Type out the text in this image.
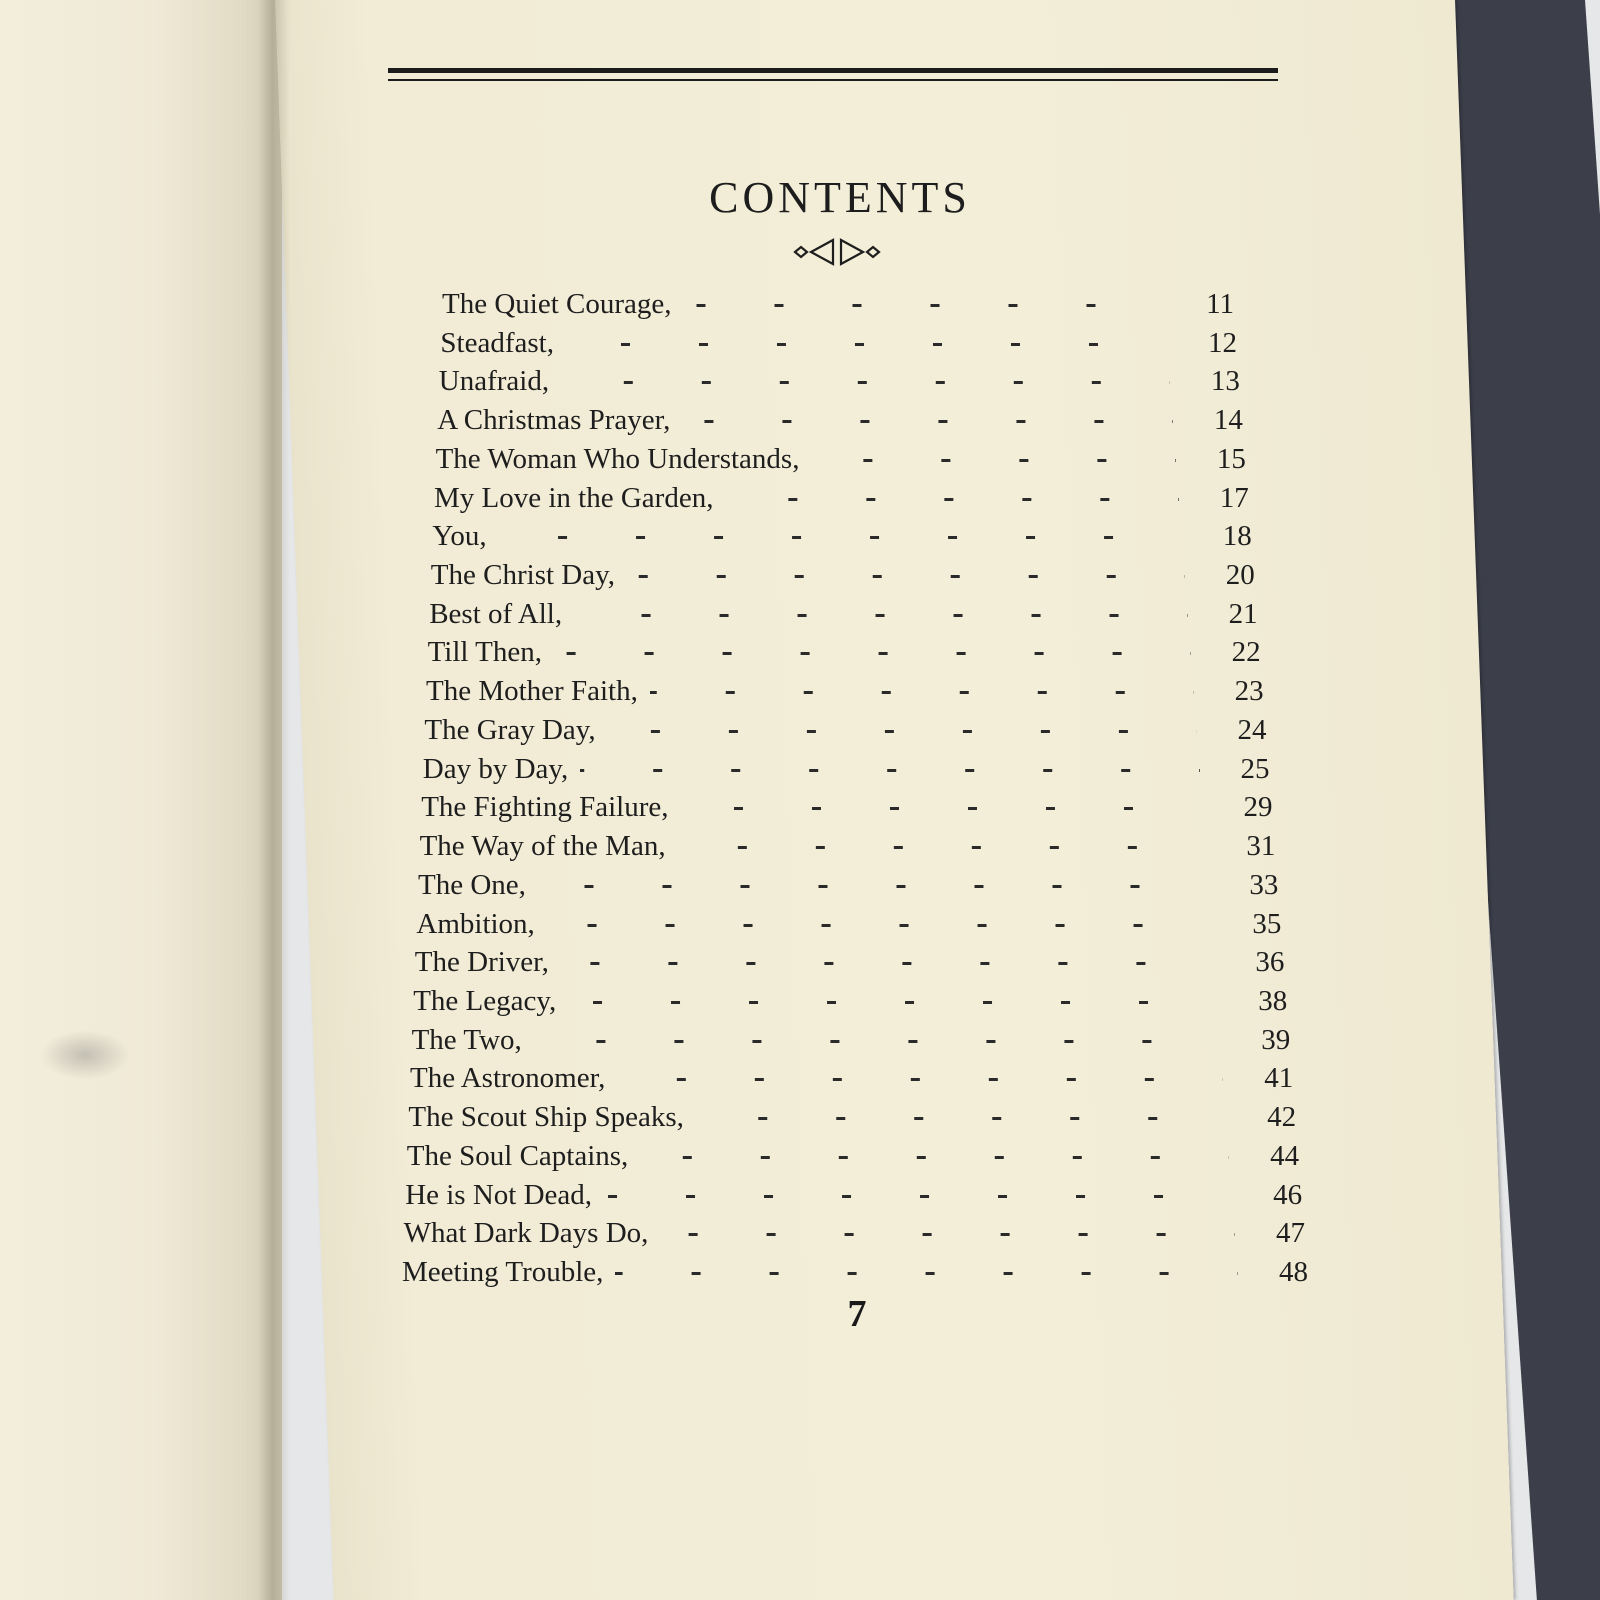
CONTENTS
The Quiet Courage,	11
Steadfast,	12
Unafraid,	13
A Christmas Prayer,	14
The Woman Who Understands,	15
My Love in the Garden,	17
You,	18
The Christ Day,	20
Best of All,	21
Till Then,	22
The Mother Faith,	23
The Gray Day,	24
Day by Day,	25
The Fighting Failure,	29
The Way of the Man,	31
The One,	33
Ambition,	35
The Driver,	36
The Legacy,	38
The Two,	39
The Astronomer,	41
The Scout Ship Speaks,	42
The Soul Captains,	44
He is Not Dead,	46
What Dark Days Do,	47
Meeting Trouble,	48
7
